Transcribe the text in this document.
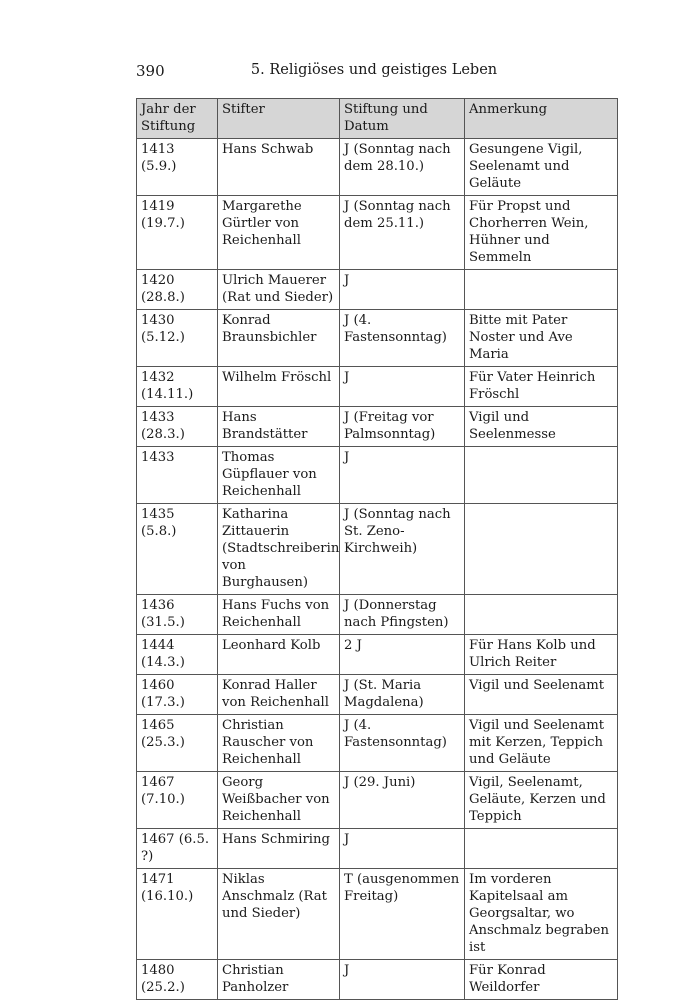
390	5. Religiöses und geistiges Leben
Jahr der Stiftung	Stifter	Stiftung und Datum	Anmerkung
1413 (5.9.)	Hans Schwab	J (Sonntag nach dem 28.10.)	Gesungene Vigil, Seelenamt und Geläute
1419 (19.7.)	Margarethe Gürtler von Reichenhall	J (Sonntag nach dem 25.11.)	Für Propst und Chorherren Wein, Hühner und Semmeln
1420 (28.8.)	Ulrich Mauerer (Rat und Sieder)	J	
1430 (5.12.)	Konrad Braunsbichler	J (4. Fastensonntag)	Bitte mit Pater Noster und Ave Maria
1432 (14.11.)	Wilhelm Fröschl	J	Für Vater Heinrich Fröschl
1433 (28.3.)	Hans Brandstätter	J (Freitag vor Palmsonntag)	Vigil und Seelenmesse
1433	Thomas Güpflauer von Reichenhall	J	
1435 (5.8.)	Katharina Zittauerin (Stadtschreiberin von Burghausen)	J (Sonntag nach St. Zeno-Kirchweih)	
1436 (31.5.)	Hans Fuchs von Reichenhall	J (Donnerstag nach Pfingsten)	
1444 (14.3.)	Leonhard Kolb	2 J	Für Hans Kolb und Ulrich Reiter
1460 (17.3.)	Konrad Haller von Reichenhall	J (St. Maria Magdalena)	Vigil und Seelenamt
1465 (25.3.)	Christian Rauscher von Reichenhall	J (4. Fastensonntag)	Vigil und Seelenamt mit Kerzen, Teppich und Geläute
1467 (7.10.)	Georg Weißbacher von Reichenhall	J (29. Juni)	Vigil, Seelenamt, Geläute, Kerzen und Teppich
1467 (6.5. ?)	Hans Schmiring	J	
1471 (16.10.)	Niklas Anschmalz (Rat und Sieder)	T (ausgenommen Freitag)	Im vorderen Kapitelsaal am Georgsaltar, wo Anschmalz begraben ist
1480 (25.2.)	Christian Panholzer	J	Für Konrad Weildorfer
